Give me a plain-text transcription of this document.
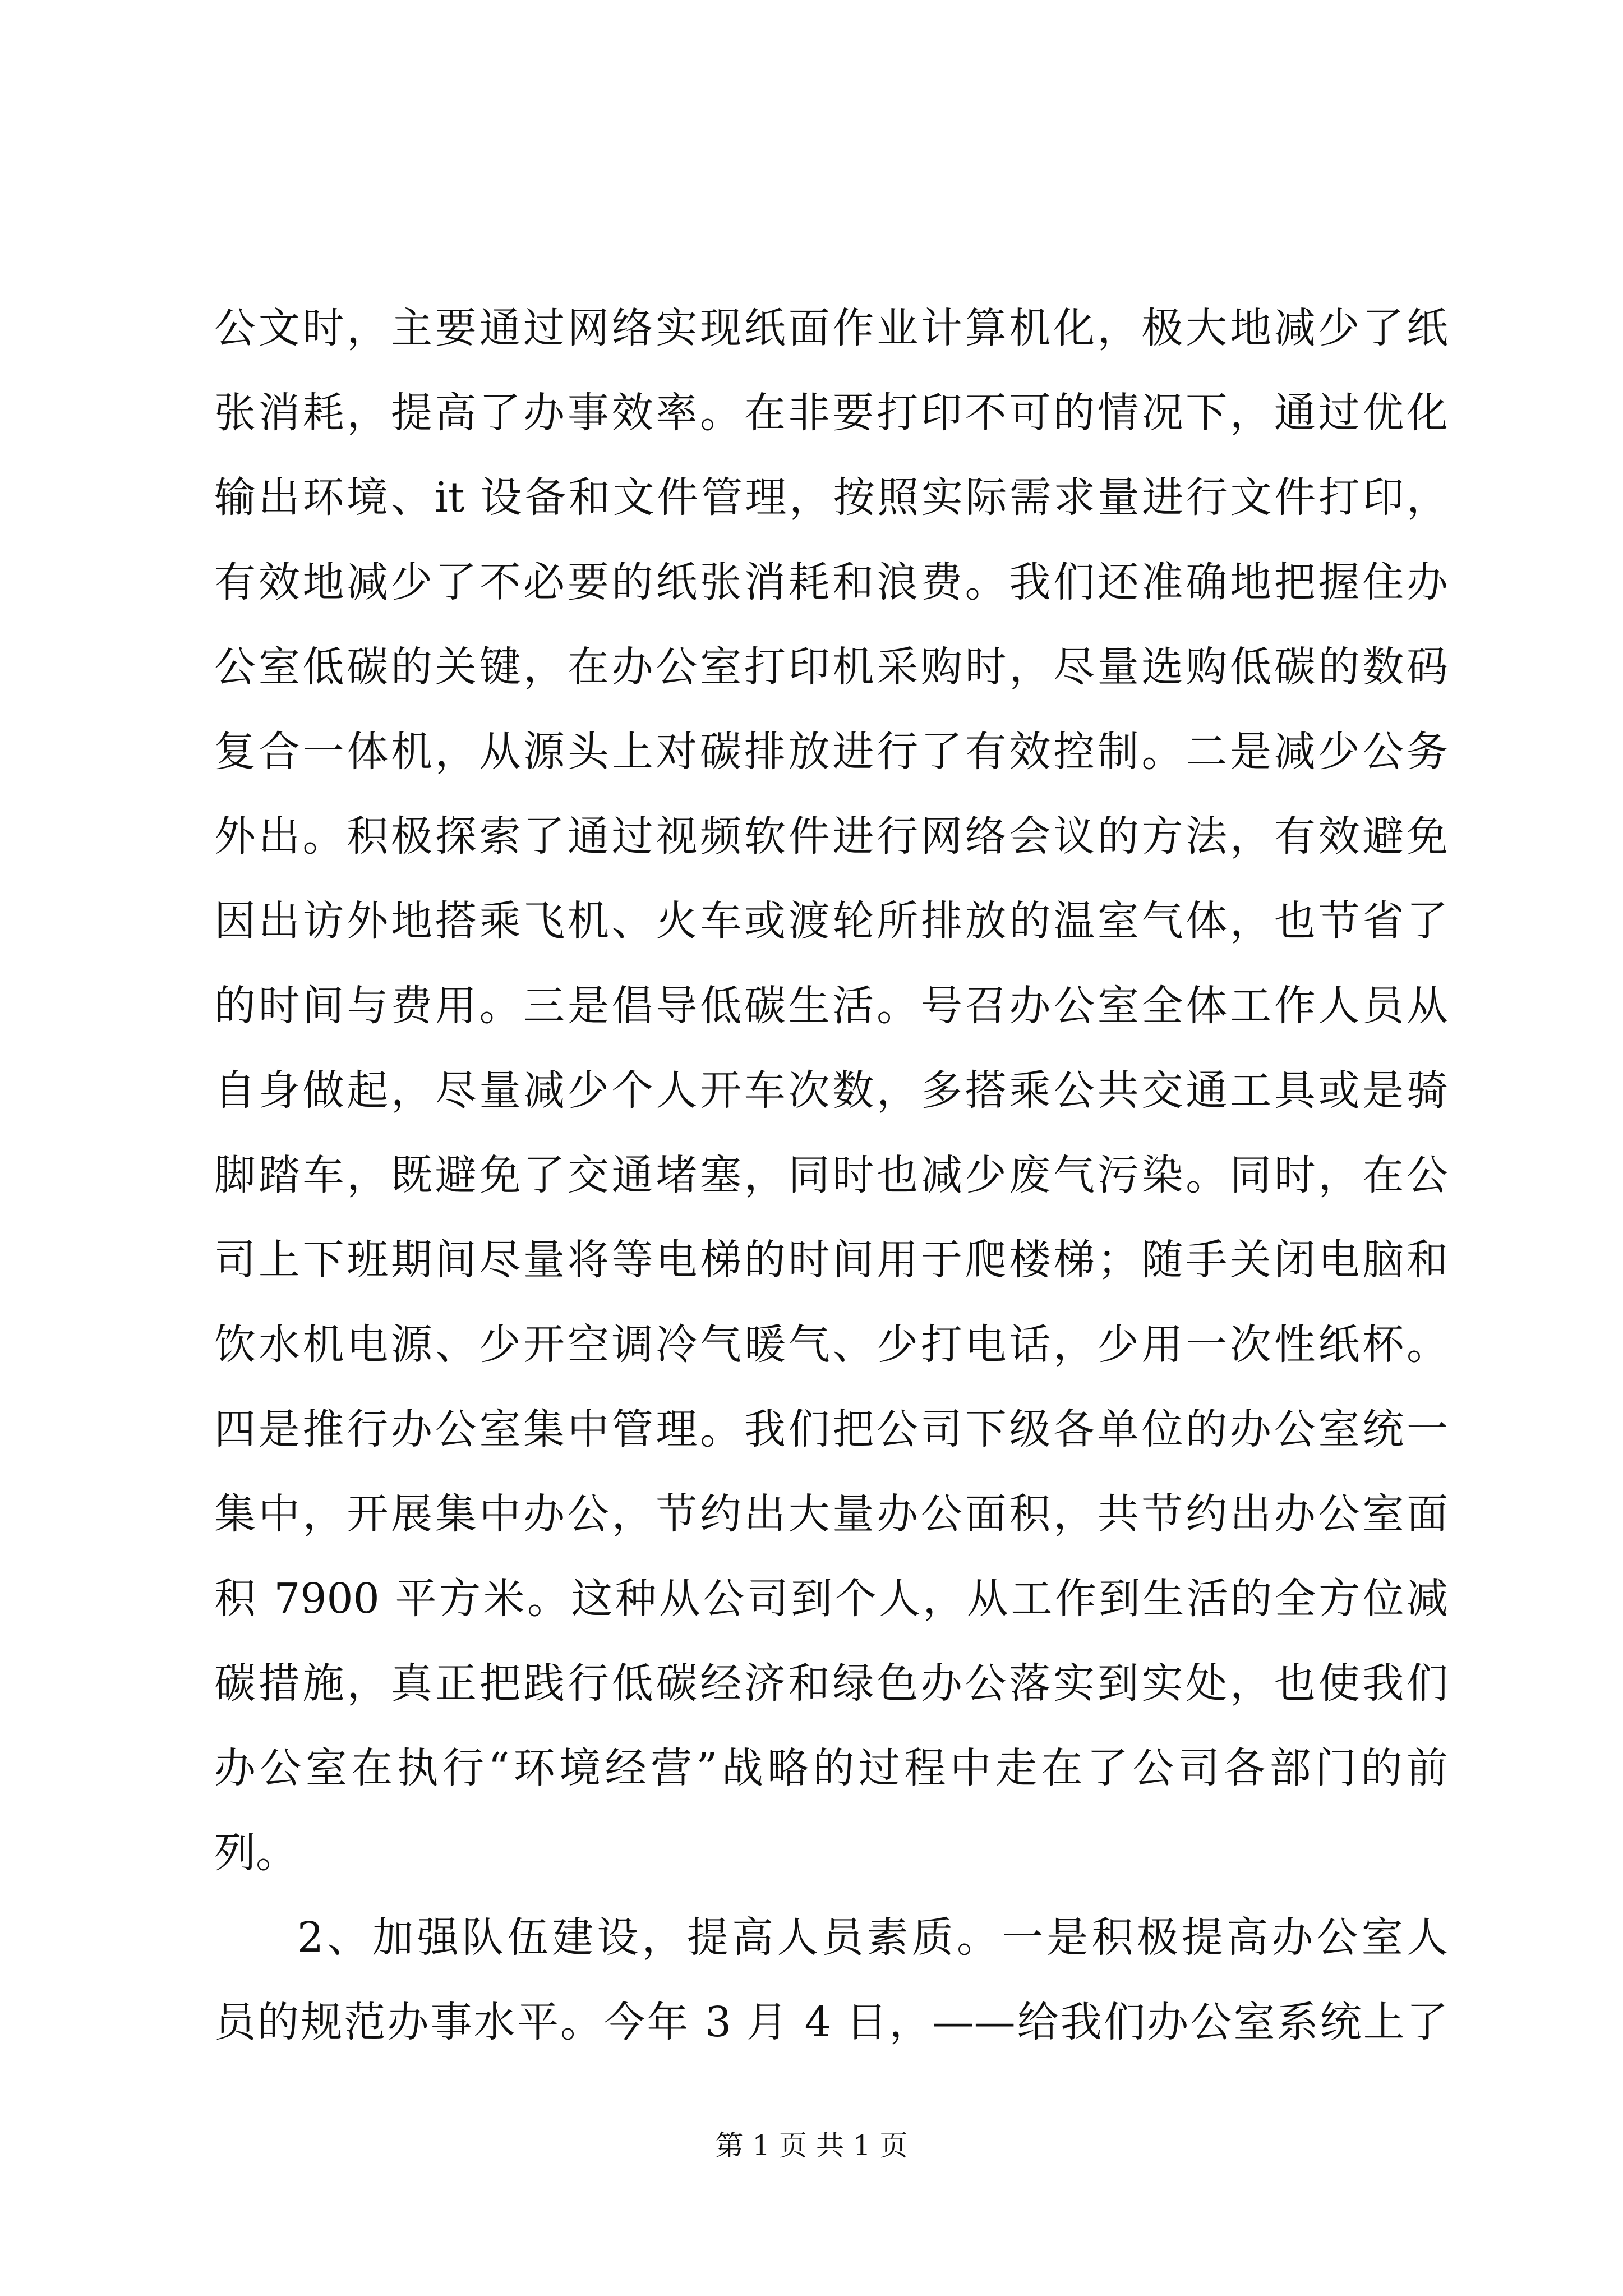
公文时，主要通过网络实现纸面作业计算机化，极大地减少了纸
张消耗，提高了办事效率。在非要打印不可的情况下，通过优化
输出环境、it 设备和文件管理，按照实际需求量进行文件打印，
有效地减少了不必要的纸张消耗和浪费。我们还准确地把握住办
公室低碳的关键，在办公室打印机采购时，尽量选购低碳的数码
复合一体机，从源头上对碳排放进行了有效控制。二是减少公务
外出。积极探索了通过视频软件进行网络会议的方法，有效避免
因出访外地搭乘飞机、火车或渡轮所排放的温室气体，也节省了
的时间与费用。三是倡导低碳生活。号召办公室全体工作人员从
自身做起，尽量减少个人开车次数，多搭乘公共交通工具或是骑
脚踏车，既避免了交通堵塞，同时也减少废气污染。同时，在公
司上下班期间尽量将等电梯的时间用于爬楼梯；随手关闭电脑和
饮水机电源、少开空调冷气暖气、少打电话，少用一次性纸杯。
四是推行办公室集中管理。我们把公司下级各单位的办公室统一
集中，开展集中办公，节约出大量办公面积，共节约出办公室面
积 7900 平方米。这种从公司到个人，从工作到生活的全方位减
碳措施，真正把践行低碳经济和绿色办公落实到实处，也使我们
办公室在执行“环境经营”战略的过程中走在了公司各部门的前
列。
2、加强队伍建设，提高人员素质。一是积极提高办公室人
员的规范办事水平。今年 3 月 4 日，——给我们办公室系统上了
第 1 页 共 1 页
